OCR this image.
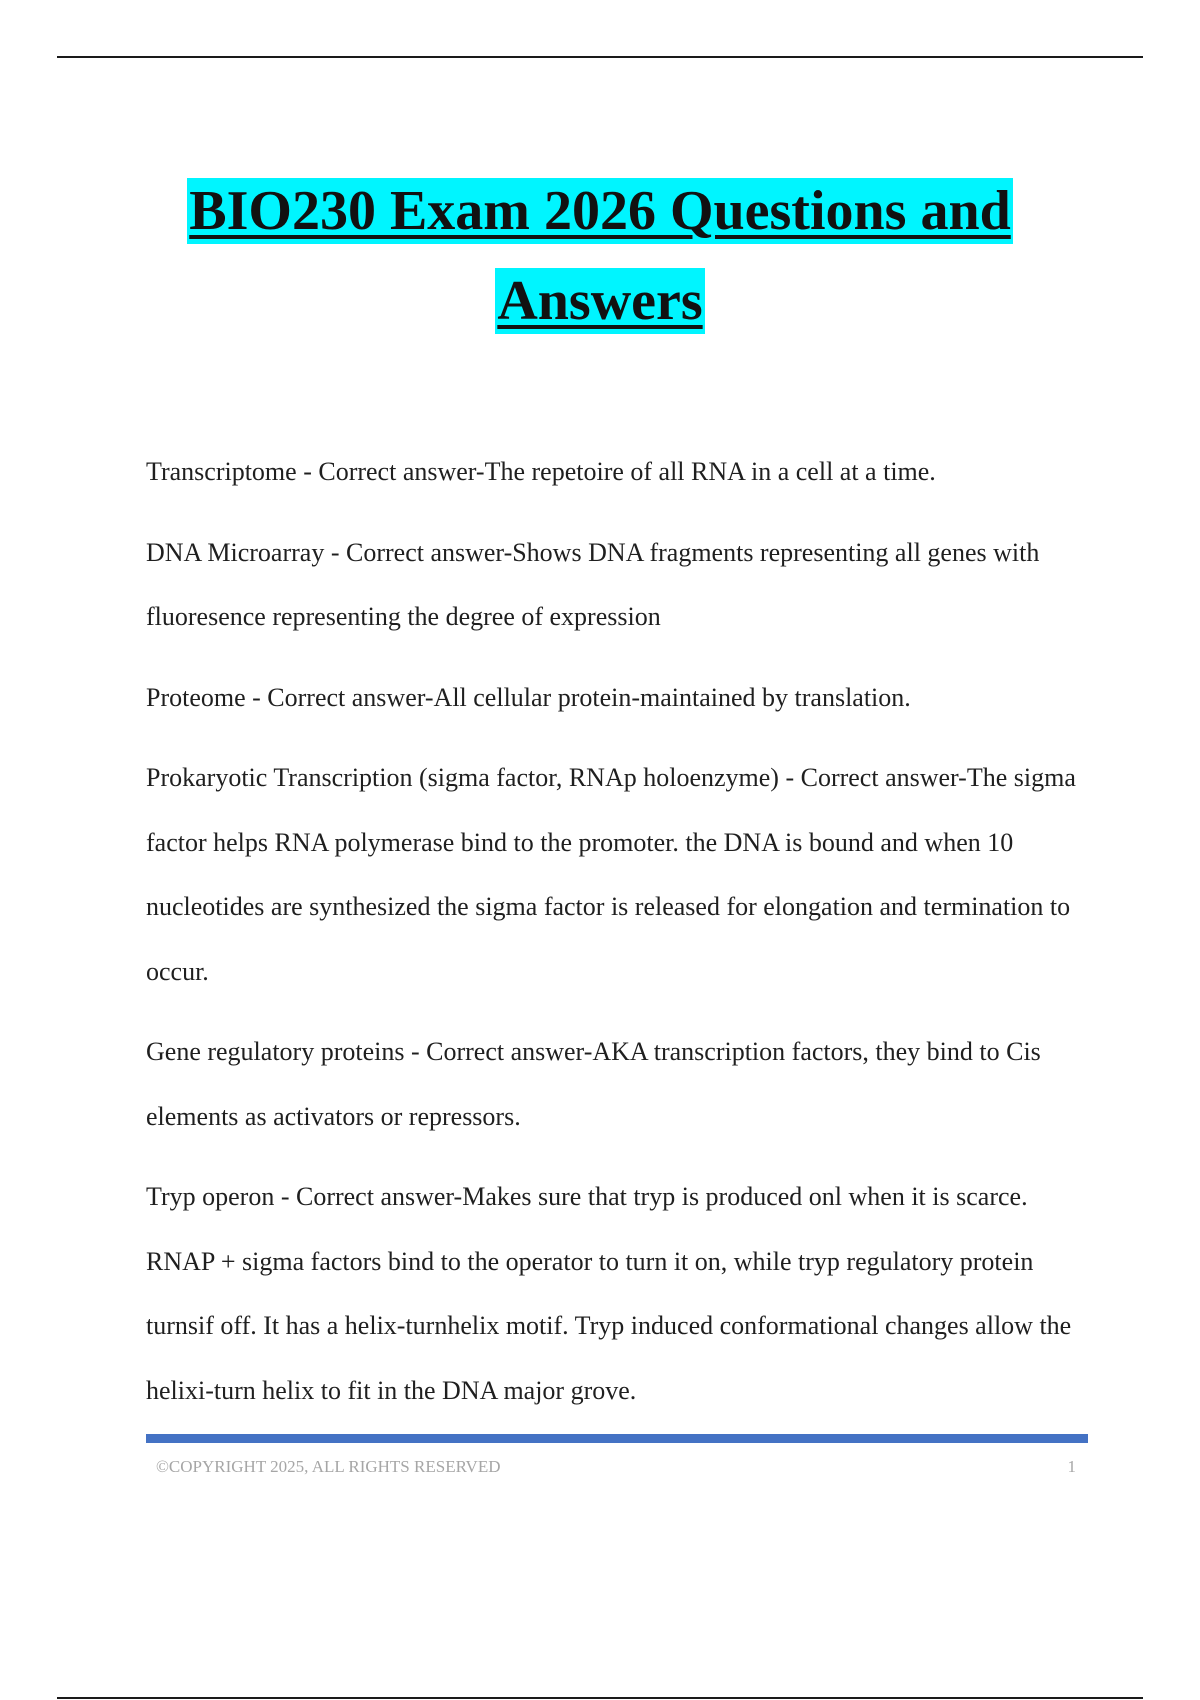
BIO230 Exam 2026 Questions and
Answers

Transcriptome - Correct answer-The repetoire of all RNA in a cell at a time.

DNA Microarray - Correct answer-Shows DNA fragments representing all genes with fluoresence representing the degree of expression

Proteome - Correct answer-All cellular protein-maintained by translation.

Prokaryotic Transcription (sigma factor, RNAp holoenzyme) - Correct answer-The sigma factor helps RNA polymerase bind to the promoter. the DNA is bound and when 10 nucleotides are synthesized the sigma factor is released for elongation and termination to occur.

Gene regulatory proteins - Correct answer-AKA transcription factors, they bind to Cis elements as activators or repressors.

Tryp operon - Correct answer-Makes sure that tryp is produced onl when it is scarce. RNAP + sigma factors bind to the operator to turn it on, while tryp regulatory protein turnsif off. It has a helix-turnhelix motif. Tryp induced conformational changes allow the helixi-turn helix to fit in the DNA major grove.

©COPYRIGHT 2025, ALL RIGHTS RESERVED	1
